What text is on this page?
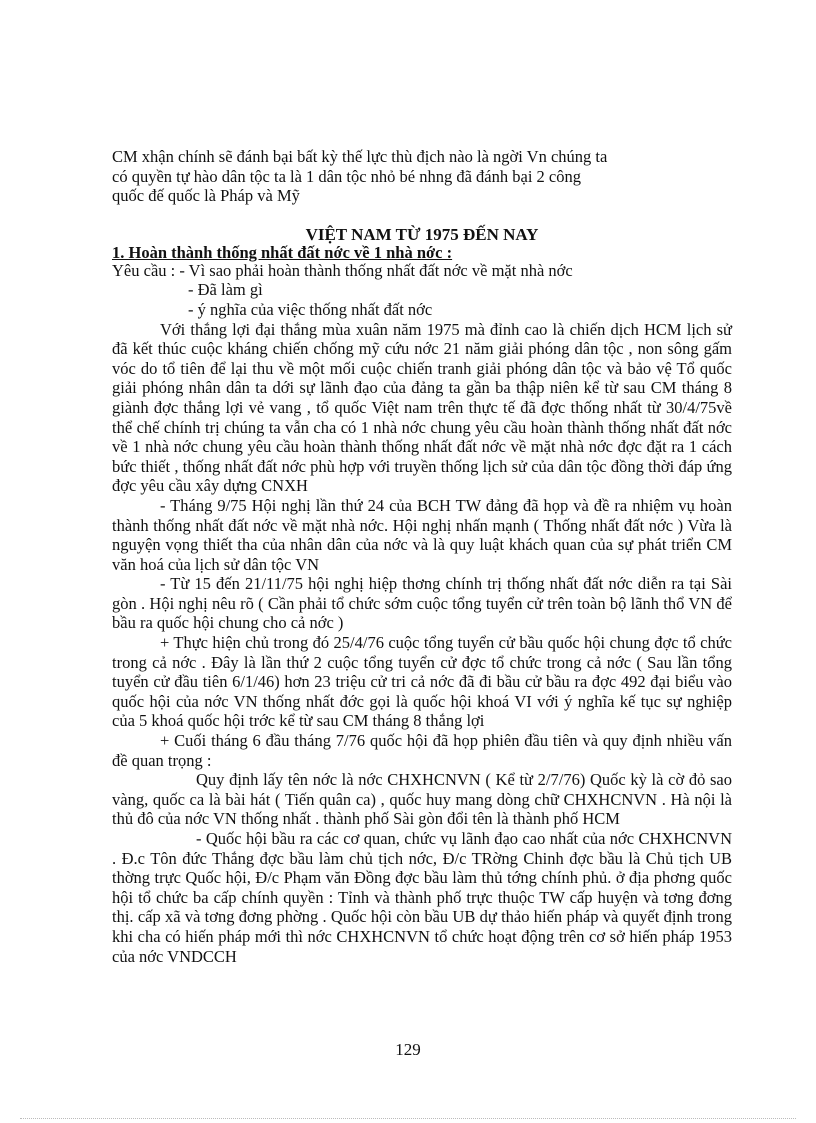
CM xhận chính sẽ đánh bại bất kỳ thế lực thù địch nào là ngời Vn chúng ta

có quyền tự hào dân tộc ta là 1 dân tộc nhỏ bé nhng đã đánh bại 2 công

quốc đế quốc là Pháp và Mỹ

VIỆT NAM TỪ 1975 ĐẾN NAY

1. Hoàn thành thống nhất đất nớc về 1 nhà nớc :

Yêu cầu : - Vì sao phải hoàn thành thống nhất đất nớc về mặt nhà nớc

- Đã làm gì

- ý nghĩa của việc thống nhất đất nớc

Với thắng lợi đại thắng mùa xuân năm 1975 mà đỉnh cao là chiến dịch HCM lịch sử đã kết thúc cuộc kháng chiến chống mỹ cứu nớc 21 năm giải phóng dân tộc , non sông gấm vóc do tổ tiên để lại thu về một mối cuộc chiến tranh giải phóng dân tộc và bảo vệ Tổ quốc giải phóng nhân dân ta dới sự lãnh đạo của đảng ta gần ba thập niên kể từ sau CM tháng 8 giành đợc thắng lợi vẻ vang , tổ quốc Việt nam trên thực tế đã đợc thống nhất từ 30/4/75về thể chế chính trị chúng ta vẫn cha có 1 nhà nớc chung yêu cầu hoàn thành thống nhất đất nớc về 1 nhà nớc chung yêu cầu hoàn thành thống nhất đất nớc về mặt nhà nớc đợc đặt ra 1 cách bức thiết , thống nhất đất nớc phù hợp với truyền thống lịch sử của dân tộc đồng thời đáp ứng đợc yêu cầu xây dựng CNXH

- Tháng 9/75 Hội nghị lần thứ 24 của BCH TW đảng đã họp và đề ra nhiệm vụ hoàn thành thống nhất đất nớc về mặt nhà nớc. Hội nghị nhấn mạnh ( Thống nhất đất nớc ) Vừa là nguyện vọng thiết tha của nhân dân của nớc và là quy luật khách quan của sự phát triển CM văn hoá của lịch sử dân tộc VN

- Từ 15 đến 21/11/75 hội nghị hiệp thơng chính trị thống nhất đất nớc diễn ra tại Sài gòn . Hội nghị nêu rõ ( Cần phải tổ chức sớm cuộc tổng tuyển cử trên toàn bộ lãnh thổ VN để bầu ra quốc hội chung cho cả nớc )

+ Thực hiện chủ trong đó 25/4/76 cuộc tổng tuyển cử bầu quốc hội chung đợc tổ chức trong cả nớc . Đây là lần thứ 2 cuộc tổng tuyển cử đợc tổ chức trong cả nớc ( Sau lần tổng tuyển cử đầu tiên 6/1/46) hơn 23 triệu cử tri cả nớc đã đi bầu cử bầu ra đợc 492 đại biểu vào quốc hội của nớc VN thống nhất đớc gọi là quốc hội khoá VI với ý nghĩa kế tục sự nghiệp của 5 khoá quốc hội trớc kể từ sau CM tháng 8 thắng lợi

+ Cuối tháng 6 đầu tháng 7/76 quốc hội đã họp phiên đầu tiên và quy định nhiều vấn đề quan trọng :

Quy định lấy tên nớc là nớc CHXHCNVN ( Kể từ 2/7/76) Quốc kỳ là cờ đỏ sao vàng, quốc ca là bài hát ( Tiến quân ca) , quốc huy mang dòng chữ CHXHCNVN . Hà nội là thủ đô của nớc VN thống nhất . thành phố Sài gòn đổi tên là thành phố HCM

- Quốc hội bầu ra các cơ quan, chức vụ lãnh đạo cao nhất của nớc CHXHCNVN . Đ.c Tôn đức Thắng đợc bầu làm chủ tịch nớc, Đ/c TRờng Chinh đợc bầu là Chủ tịch UB thờng trực Quốc hội, Đ/c Phạm văn Đồng đợc bầu làm thủ tớng chính phủ. ở địa phơng quốc hội tổ chức ba cấp chính quyền : Tỉnh và thành phố trực thuộc TW cấp huyện và tơng đơng thị. cấp xã và tơng đơng phờng . Quốc hội còn bầu UB dự thảo hiến pháp và quyết định trong khi cha có hiến pháp mới thì nớc CHXHCNVN tổ chức hoạt động trên cơ sở hiến pháp 1953 của nớc VNDCCH

129
